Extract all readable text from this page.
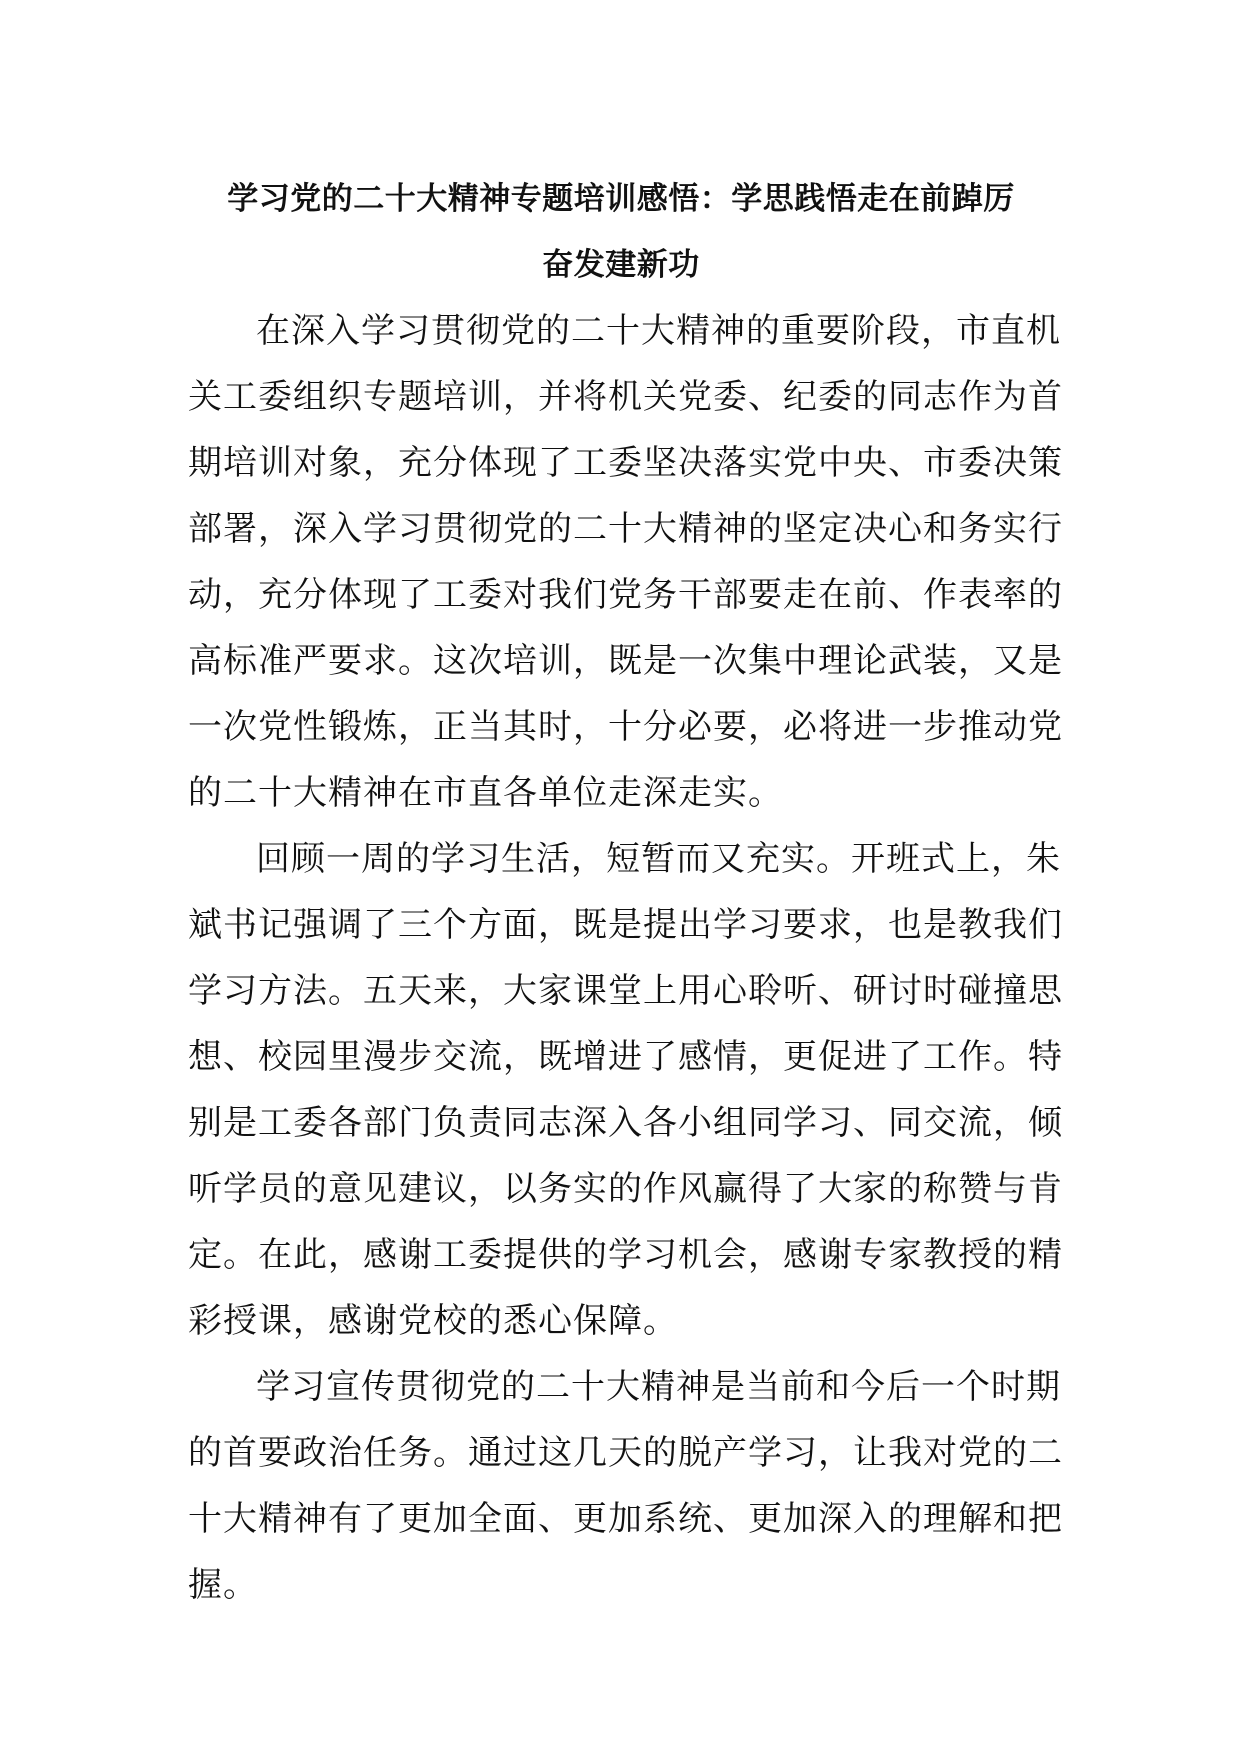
学习党的二十大精神专题培训感悟：学思践悟走在前踔厉
奋发建新功

在深入学习贯彻党的二十大精神的重要阶段，市直机
关工委组织专题培训，并将机关党委、纪委的同志作为首
期培训对象，充分体现了工委坚决落实党中央、市委决策
部署，深入学习贯彻党的二十大精神的坚定决心和务实行
动，充分体现了工委对我们党务干部要走在前、作表率的
高标准严要求。这次培训，既是一次集中理论武装，又是
一次党性锻炼，正当其时，十分必要，必将进一步推动党
的二十大精神在市直各单位走深走实。

回顾一周的学习生活，短暂而又充实。开班式上，朱
斌书记强调了三个方面，既是提出学习要求，也是教我们
学习方法。五天来，大家课堂上用心聆听、研讨时碰撞思
想、校园里漫步交流，既增进了感情，更促进了工作。特
别是工委各部门负责同志深入各小组同学习、同交流，倾
听学员的意见建议，以务实的作风赢得了大家的称赞与肯
定。在此，感谢工委提供的学习机会，感谢专家教授的精
彩授课，感谢党校的悉心保障。

学习宣传贯彻党的二十大精神是当前和今后一个时期
的首要政治任务。通过这几天的脱产学习，让我对党的二
十大精神有了更加全面、更加系统、更加深入的理解和把
握。
